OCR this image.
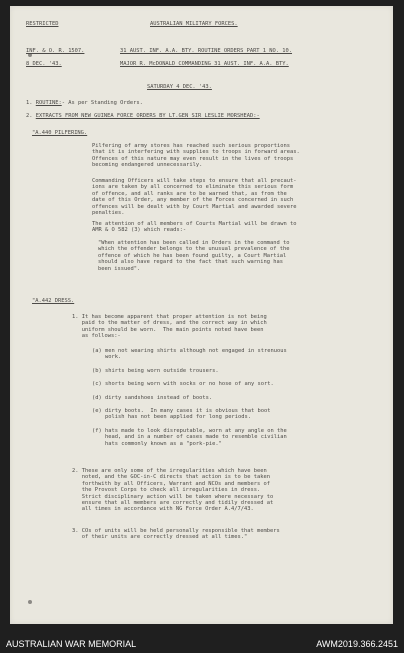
RESTRICTED
INF. & O. R. 1507.
8 DEC. '43.
AUSTRALIAN MILITARY FORCES.
31 AUST. INF. A.A. BTY. ROUTINE ORDERS PART 1 NO. 10.
MAJOR R. McDONALD COMMANDING 31 AUST. INF. A.A. BTY.
SATURDAY 4 DEC. '43.
1. ROUTINE:- As per Standing Orders.
2. EXTRACTS FROM NEW GUINEA FORCE ORDERS BY LT.GEN SIR LESLIE MORSHEAD:-
"A.440 PILFERING.
Pilfering of army stores has reached such serious proportions
that it is interfering with supplies to troops in forward areas.
Offences of this nature may even result in the lives of troops
becoming endangered unnecessarily.
Commanding Officers will take steps to ensure that all precaut-
ions are taken by all concerned to eliminate this serious form
of offence, and all ranks are to be warned that, as from the
date of this Order, any member of the Forces concerned in such
offences will be dealt with by Court Martial and awarded severe
penalties.
The attention of all members of Courts Martial will be drawn to
AMR & O 582 (3) which reads:-
"When attention has been called in Orders in the command to
which the offender belongs to the unusual prevalence of the
offence of which he has been found guilty, a Court Martial
should also have regard to the fact that such warning has
been issued".
"A.442 DRESS.
1. It has become apparent that proper attention is not being
paid to the matter of dress, and the correct way in which
uniform should be worn.  The main points noted have been
as follows:-
(a) men not wearing shirts although not engaged in strenuous
work.
(b) shirts being worn outside trousers.
(c) shorts being worn with socks or no hose of any sort.
(d) dirty sandshoes instead of boots.
(e) dirty boots.  In many cases it is obvious that boot
polish has not been applied for long periods.
(f) hats made to look disreputable, worn at any angle on the
head, and in a number of cases made to resemble civilian
hats commonly known as a "pork-pie."
2. These are only some of the irregularities which have been
noted, and the GOC-in-C directs that action is to be taken
forthwith by all Officers, Warrant and NCOs and members of
the Provost Corps to check all irregularities in dress.
Strict disciplinary action will be taken where necessary to
ensure that all members are correctly and tidily dressed at
all times in accordance with NG Force Order A.4/7/43.
3. COs of units will be held personally responsible that members
of their units are correctly dressed at all times."
AUSTRALIAN WAR MEMORIAL	AWM2019.366.2451
